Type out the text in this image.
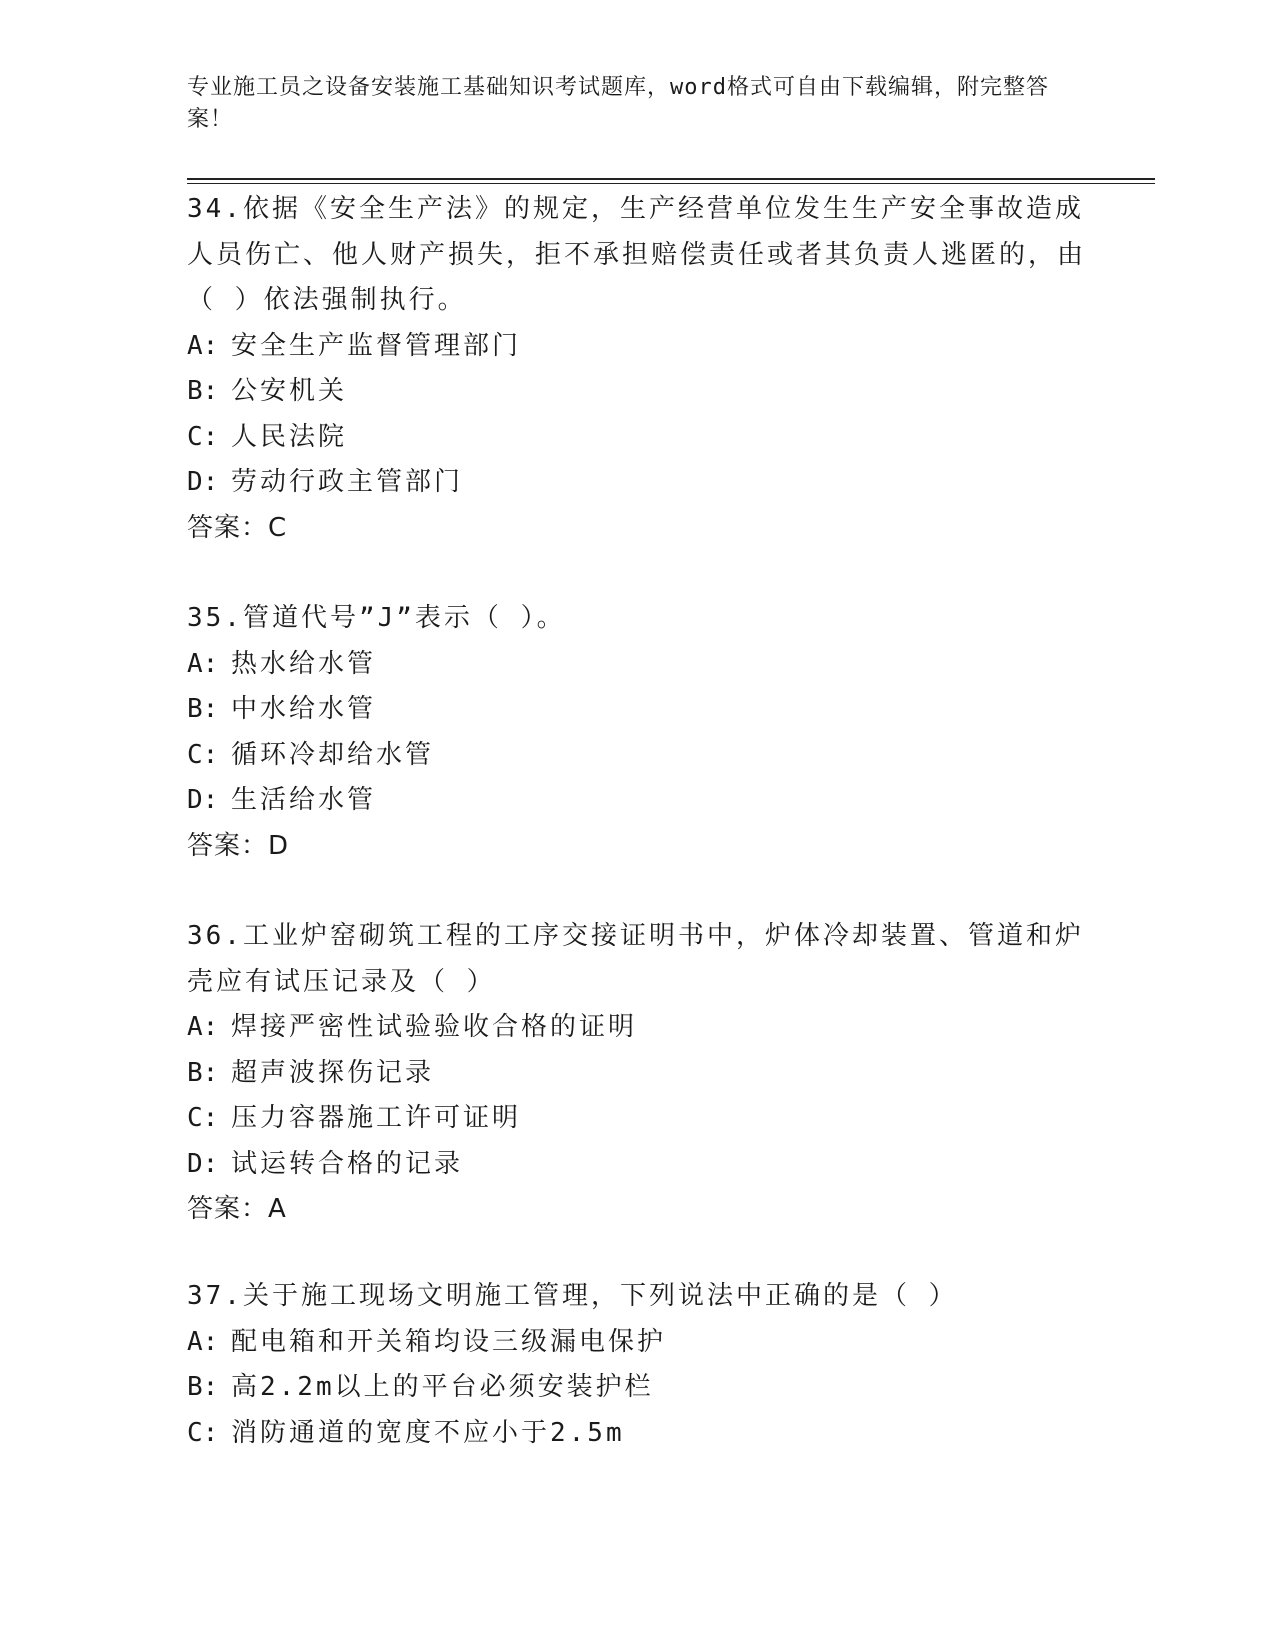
专业施工员之设备安装施工基础知识考试题库，word格式可自由下载编辑，附完整答案！

34.依据《安全生产法》的规定，生产经营单位发生生产安全事故造成人员伤亡、他人财产损失，拒不承担赔偿责任或者其负责人逃匿的，由（ ）依法强制执行。

A: 安全生产监督管理部门

B: 公安机关

C: 人民法院

D: 劳动行政主管部门

答案：C

35.管道代号”J”表示（ ）。

A: 热水给水管

B: 中水给水管

C: 循环冷却给水管

D: 生活给水管

答案：D

36.工业炉窑砌筑工程的工序交接证明书中，炉体冷却装置、管道和炉壳应有试压记录及（ ）

A: 焊接严密性试验验收合格的证明

B: 超声波探伤记录

C: 压力容器施工许可证明

D: 试运转合格的记录

答案：A

37.关于施工现场文明施工管理，下列说法中正确的是（ ）

A: 配电箱和开关箱均设三级漏电保护

B: 高2.2m以上的平台必须安装护栏

C: 消防通道的宽度不应小于2.5m
